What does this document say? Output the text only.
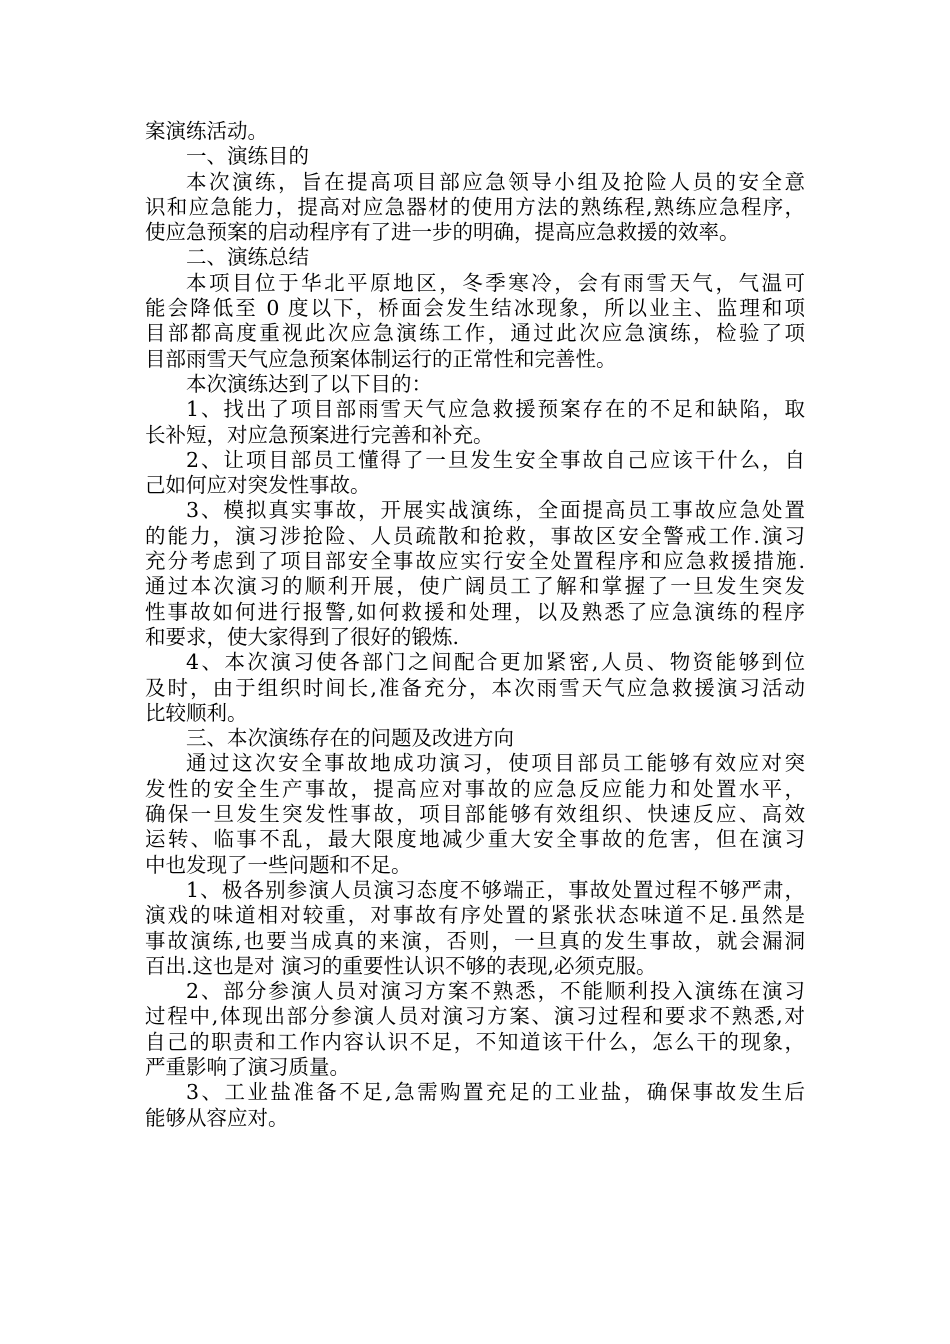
案演练活动。
一、演练目的
本次演练，旨在提高项目部应急领导小组及抢险人员的安全意
识和应急能力，提高对应急器材的使用方法的熟练程,熟练应急程序，
使应急预案的启动程序有了进一步的明确，提高应急救援的效率。
二、演练总结
本项目位于华北平原地区，冬季寒冷，会有雨雪天气，气温可
能会降低至 0 度以下，桥面会发生结冰现象，所以业主、监理和项
目部都高度重视此次应急演练工作，通过此次应急演练，检验了项
目部雨雪天气应急预案体制运行的正常性和完善性。
本次演练达到了以下目的：
1、找出了项目部雨雪天气应急救援预案存在的不足和缺陷，取
长补短，对应急预案进行完善和补充。
2、让项目部员工懂得了一旦发生安全事故自己应该干什么，自
己如何应对突发性事故。
3、模拟真实事故，开展实战演练，全面提高员工事故应急处置
的能力，演习涉抢险、人员疏散和抢救，事故区安全警戒工作.演习
充分考虑到了项目部安全事故应实行安全处置程序和应急救援措施.
通过本次演习的顺利开展，使广阔员工了解和掌握了一旦发生突发
性事故如何进行报警,如何救援和处理，以及熟悉了应急演练的程序
和要求，使大家得到了很好的锻炼.
4、本次演习使各部门之间配合更加紧密,人员、物资能够到位
及时，由于组织时间长,准备充分，本次雨雪天气应急救援演习活动
比较顺利。
三、本次演练存在的问题及改进方向
通过这次安全事故地成功演习，使项目部员工能够有效应对突
发性的安全生产事故，提高应对事故的应急反应能力和处置水平，
确保一旦发生突发性事故，项目部能够有效组织、快速反应、高效
运转、临事不乱，最大限度地减少重大安全事故的危害，但在演习
中也发现了一些问题和不足。
1、极各别参演人员演习态度不够端正，事故处置过程不够严肃，
演戏的味道相对较重，对事故有序处置的紧张状态味道不足.虽然是
事故演练,也要当成真的来演，否则，一旦真的发生事故，就会漏洞
百出.这也是对 演习的重要性认识不够的表现,必须克服。
2、部分参演人员对演习方案不熟悉，不能顺利投入演练在演习
过程中,体现出部分参演人员对演习方案、演习过程和要求不熟悉,对
自己的职责和工作内容认识不足，不知道该干什么，怎么干的现象，
严重影响了演习质量。
3、工业盐准备不足,急需购置充足的工业盐，确保事故发生后
能够从容应对。
